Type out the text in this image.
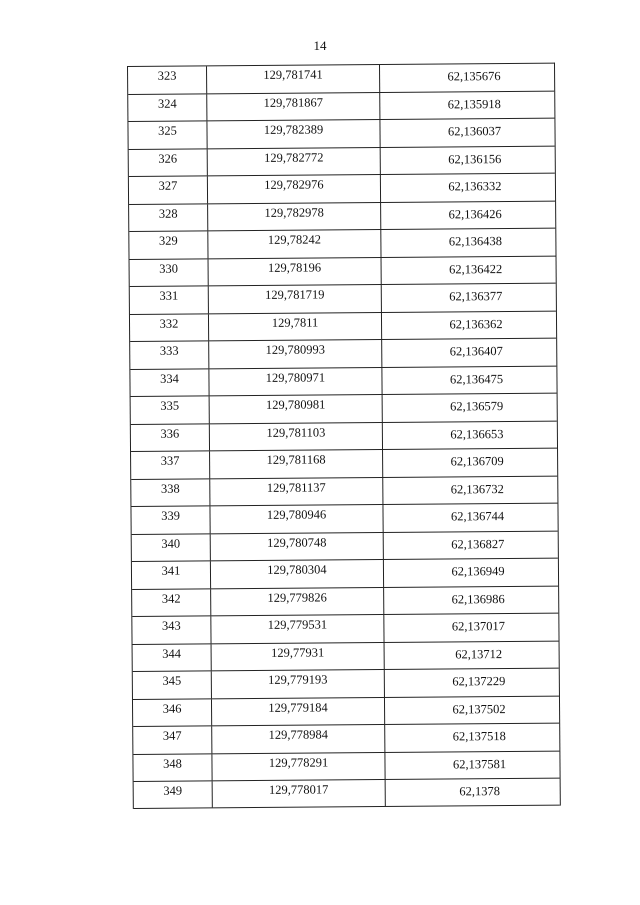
14
323	129,781741	62,135676
324	129,781867	62,135918
325	129,782389	62,136037
326	129,782772	62,136156
327	129,782976	62,136332
328	129,782978	62,136426
329	129,78242	62,136438
330	129,78196	62,136422
331	129,781719	62,136377
332	129,7811	62,136362
333	129,780993	62,136407
334	129,780971	62,136475
335	129,780981	62,136579
336	129,781103	62,136653
337	129,781168	62,136709
338	129,781137	62,136732
339	129,780946	62,136744
340	129,780748	62,136827
341	129,780304	62,136949
342	129,779826	62,136986
343	129,779531	62,137017
344	129,77931	62,13712
345	129,779193	62,137229
346	129,779184	62,137502
347	129,778984	62,137518
348	129,778291	62,137581
349	129,778017	62,1378
